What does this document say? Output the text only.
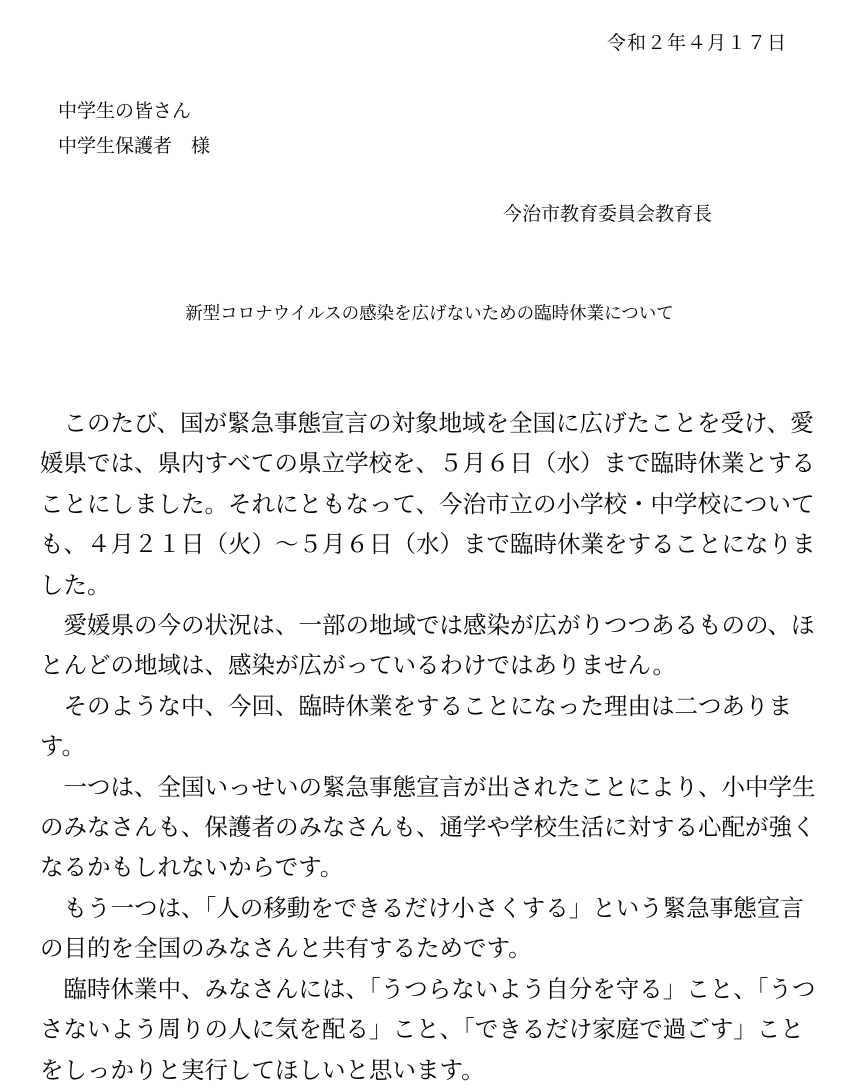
令和２年４月１７日
中学生の皆さん
中学生保護者　様
今治市教育委員会教育長
新型コロナウイルスの感染を広げないための臨時休業について

このたび、国が緊急事態宣言の対象地域を全国に広げたことを受け、愛媛県では、県内すべての県立学校を、５月６日（水）まで臨時休業とすることにしました。それにともなって、今治市立の小学校・中学校についても、４月２１日（火）～５月６日（水）まで臨時休業をすることになりました。

愛媛県の今の状況は、一部の地域では感染が広がりつつあるものの、ほとんどの地域は、感染が広がっているわけではありません。

そのような中、今回、臨時休業をすることになった理由は二つあります。

一つは、全国いっせいの緊急事態宣言が出されたことにより、小中学生のみなさんも、保護者のみなさんも、通学や学校生活に対する心配が強くなるかもしれないからです。

もう一つは、「人の移動をできるだけ小さくする」という緊急事態宣言の目的を全国のみなさんと共有するためです。

臨時休業中、みなさんには、「うつらないよう自分を守る」こと、「うつさないよう周りの人に気を配る」こと、「できるだけ家庭で過ごす」ことをしっかりと実行してほしいと思います。
